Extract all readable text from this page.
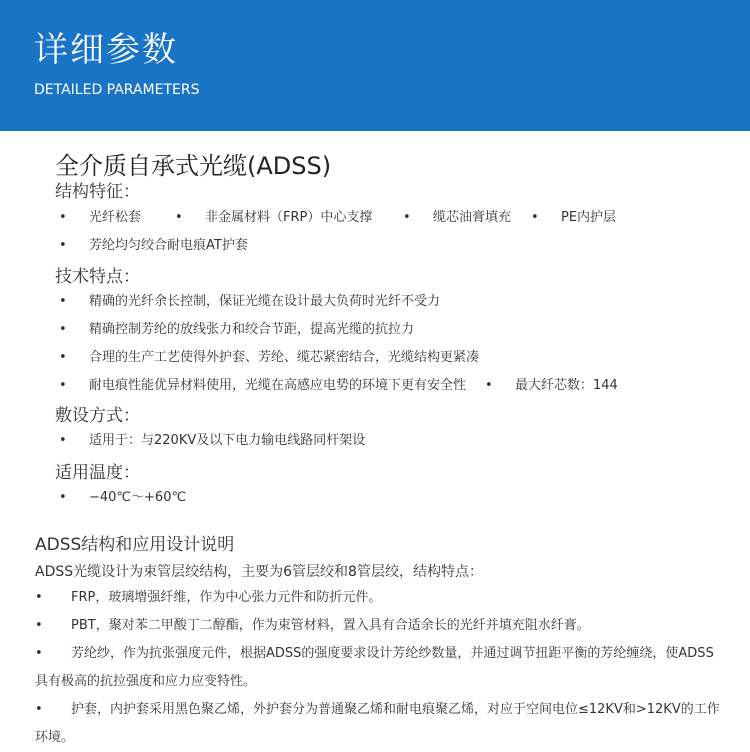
详细参数
DETAILED PARAMETERS
全介质自承式光缆(ADSS)
结构特征：
• 光纤松套	• 非金属材料（FRP）中心支撑 • 缆芯油膏填充 • PE内护层
• 芳纶均匀绞合耐电痕AT护套
技术特点：
• 精确的光纤余长控制，保证光缆在设计最大负荷时光纤不受力
• 精确控制芳纶的放线张力和绞合节距，提高光缆的抗拉力
• 合理的生产工艺使得外护套、芳纶、缆芯紧密结合，光缆结构更紧凑
• 耐电痕性能优异材料使用，光缆在高感应电势的环境下更有安全性 • 最大纤芯数：144
敷设方式：
• 适用于：与220KV及以下电力输电线路同杆架设
适用温度：
• −40℃～+60℃
ADSS结构和应用设计说明
ADSS光缆设计为束管层绞结构，主要为6管层绞和8管层绞，结构特点：
• FRP，玻璃增强纤维，作为中心张力元件和防折元件。
• PBT，聚对苯二甲酸丁二醇酯，作为束管材料，置入具有合适余长的光纤并填充阻水纤膏。
• 芳纶纱，作为抗张强度元件，根据ADSS的强度要求设计芳纶纱数量，并通过调节扭距平衡的芳纶缠绕，使ADSS具有极高的抗拉强度和应力应变特性。
• 护套，内护套采用黑色聚乙烯，外护套分为普通聚乙烯和耐电痕聚乙烯，对应于空间电位≤12KV和>12KV的工作环境。
